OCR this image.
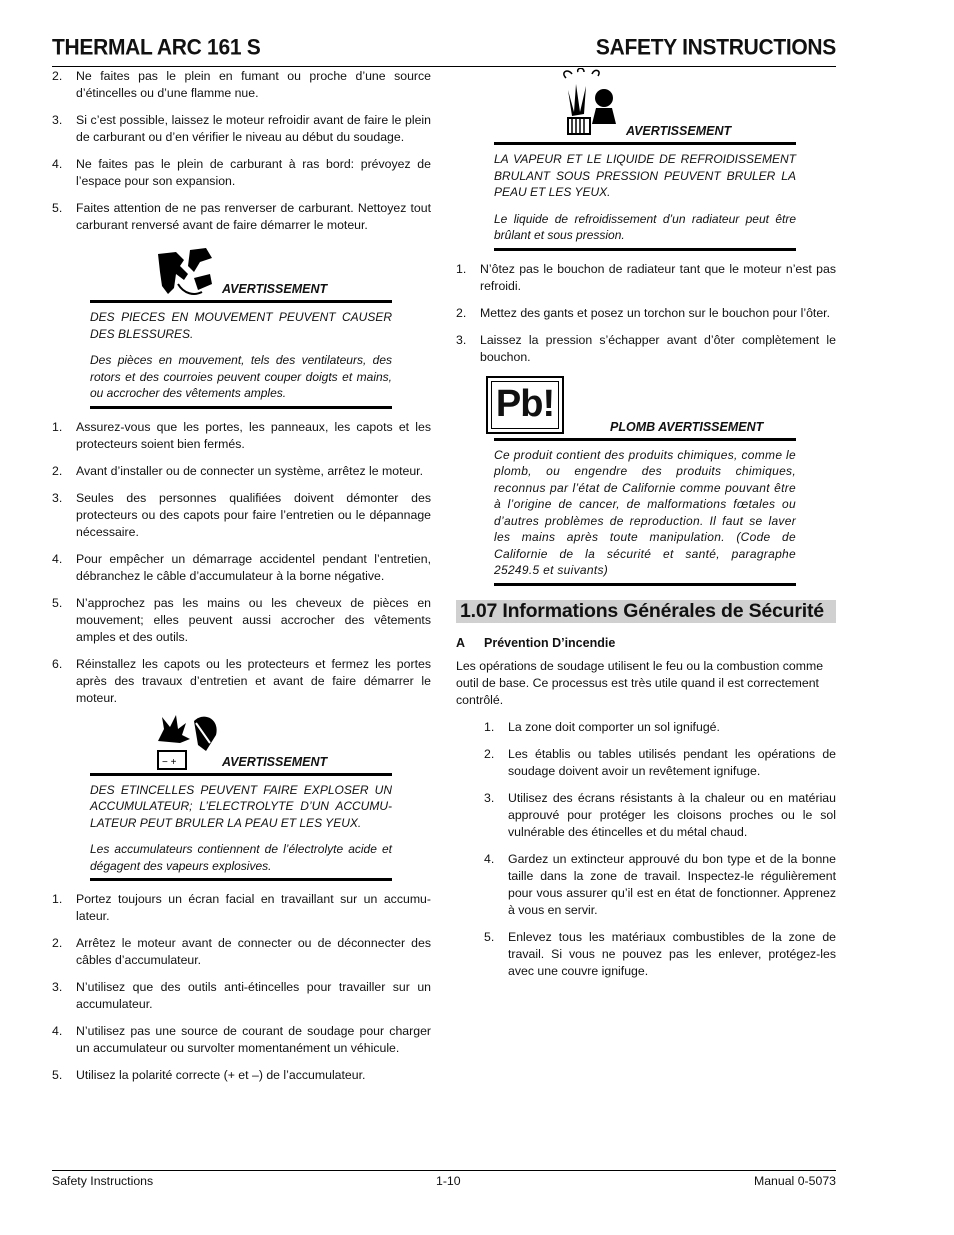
THERMAL ARC 161 S	SAFETY INSTRUCTIONS
2. Ne faites pas le plein en fumant ou proche d’une source d’étincelles ou d’une flamme nue.
3. Si c’est possible, laissez le moteur refroidir avant de faire le plein de carburant ou d’en vérifier le niveau au début du soudage.
4. Ne faites pas le plein de carburant à ras bord: prévoyez de l’espace pour son expansion.
5. Faites attention de ne pas renverser de carburant. Nettoyez tout carburant renversé avant de faire démarrer le moteur.
AVERTISSEMENT

DES PIECES EN MOUVEMENT PEUVENT CAUSER DES BLESSURES.

Des pièces en mouvement, tels des ventilateurs, des rotors et des courroies peuvent couper doigts et mains, ou accrocher des vêtements amples.

1. Assurez-vous que les portes, les panneaux, les capots et les protecteurs soient bien fermés.
2. Avant d’installer ou de connecter un système, arrêtez le moteur.
3. Seules des personnes qualifiées doivent démonter des protecteurs ou des capots pour faire l’entretien ou le dépannage nécessaire.
4. Pour empêcher un démarrage accidentel pendant l’entretien, débranchez le câble d’accumulateur à la borne négative.
5. N’approchez pas les mains ou les cheveux de pièces en mouvement; elles peuvent aussi accrocher des vêtements amples et des outils.
6. Réinstallez les capots ou les protecteurs et fermez les portes après des travaux d’entretien et avant de faire démarrer le moteur.
− +	AVERTISSEMENT

DES ETINCELLES PEUVENT FAIRE EXPLOSER UN ACCUMULATEUR; L’ELECTROLYTE D’UN ACCUMU-LATEUR PEUT BRULER LA PEAU ET LES YEUX.

Les accumulateurs contiennent de l’électrolyte acide et dégagent des vapeurs explosives.

1. Portez toujours un écran facial en travaillant sur un accumu-lateur.
2. Arrêtez le moteur avant de connecter ou de déconnecter des câbles d’accumulateur.
3. N’utilisez que des outils anti-étincelles pour travailler sur un accumulateur.
4. N’utilisez pas une source de courant de soudage pour charger un accumulateur ou survolter momentanément un véhicule.
5. Utilisez la polarité correcte (+ et –) de l’accumulateur.
AVERTISSEMENT

LA VAPEUR ET LE LIQUIDE DE REFROIDISSEMENT BRULANT SOUS PRESSION PEUVENT BRULER LA PEAU ET LES YEUX.

Le liquide de refroidissement d’un radiateur peut être brûlant et sous pression.

1. N’ôtez pas le bouchon de radiateur tant que le moteur n’est pas refroidi.
2. Mettez des gants et posez un torchon sur le bouchon pour l’ôter.
3. Laissez la pression s’échapper avant d’ôter complètement le bouchon.
Pb!
PLOMB AVERTISSEMENT

Ce produit contient des produits chimiques, comme le plomb, ou engendre des produits chimiques, reconnus par l’état de Californie comme pouvant être à l’origine de cancer, de malformations fœtales ou d’autres problèmes de reproduction. Il faut se laver les mains après toute manipulation. (Code de Californie de la sécurité et santé, paragraphe 25249.5 et suivants)

1.07 Informations Générales de Sécurité
A Prévention D’incendie

Les opérations de soudage utilisent le feu ou la combustion comme outil de base. Ce processus est très utile quand il est correctement contrôlé.

1. La zone doit comporter un sol ignifugé.
2. Les établis ou tables utilisés pendant les opérations de soudage doivent avoir un revêtement ignifuge.
3. Utilisez des écrans résistants à la chaleur ou en matériau approuvé pour protéger les cloisons proches ou le sol vulnérable des étincelles et du métal chaud.
4. Gardez un extincteur approuvé du bon type et de la bonne taille dans la zone de travail. Inspectez-le régulièrement pour vous assurer qu’il est en état de fonctionner. Apprenez à vous en servir.
5. Enlevez tous les matériaux combustibles de la zone de travail. Si vous ne pouvez pas les enlever, protégez-les avec une couvre ignifuge.
Safety Instructions	1-10	Manual 0-5073
